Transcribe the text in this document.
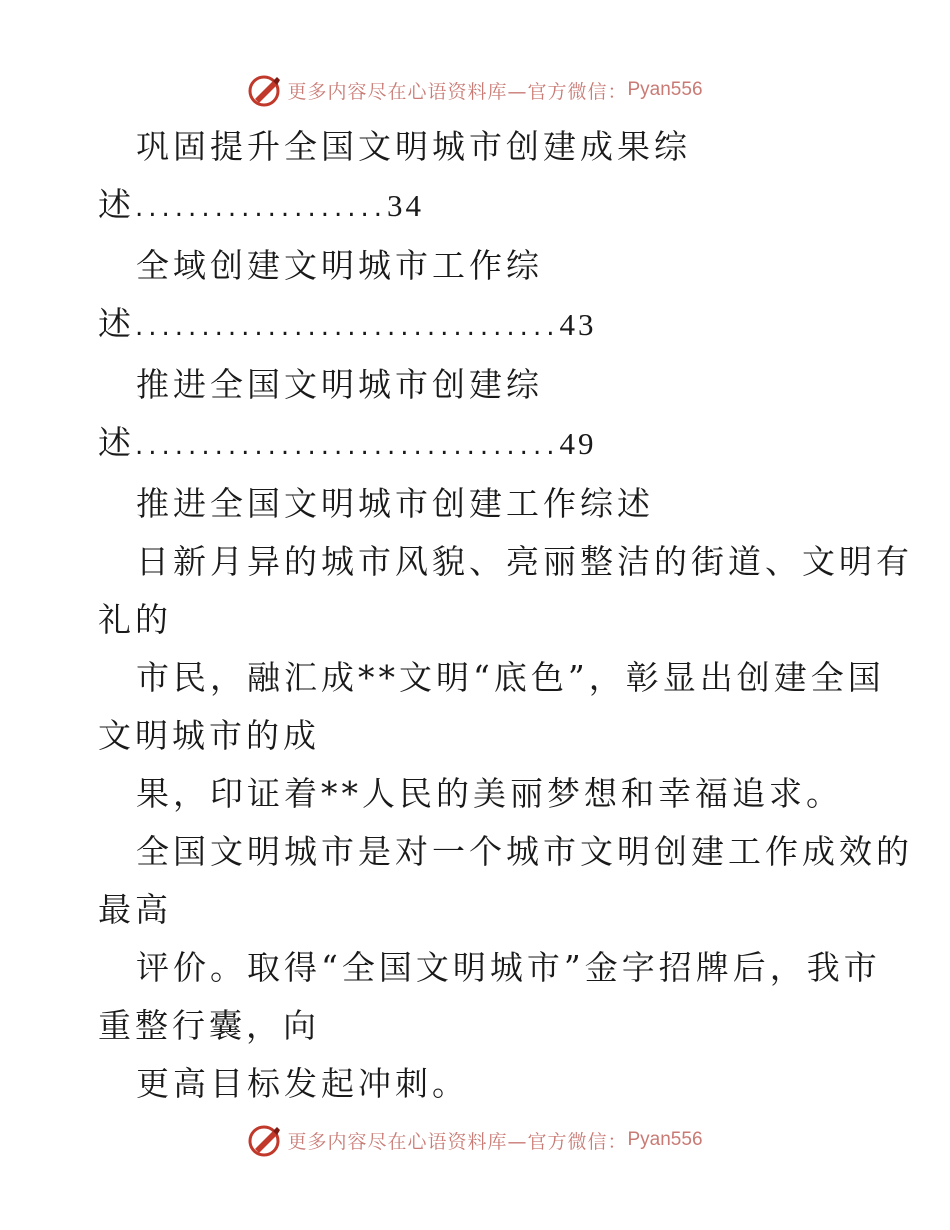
更多内容尽在心语资料库—官方微信： Pyan556

巩固提升全国文明城市创建成果综

述 ................... 34

全域创建文明城市工作综

述 ................................ 43

推进全国文明城市创建综

述 ................................ 49

推进全国文明城市创建工作综述

日新月异的城市风貌、亮丽整洁的街道、文明有

礼的

市民，融汇成**文明“底色”，彰显出创建全国

文明城市的成

果，印证着**人民的美丽梦想和幸福追求。

全国文明城市是对一个城市文明创建工作成效的

最高

评价。取得“全国文明城市”金字招牌后，我市

重整行囊，向

更高目标发起冲刺。

更多内容尽在心语资料库—官方微信： Pyan556
